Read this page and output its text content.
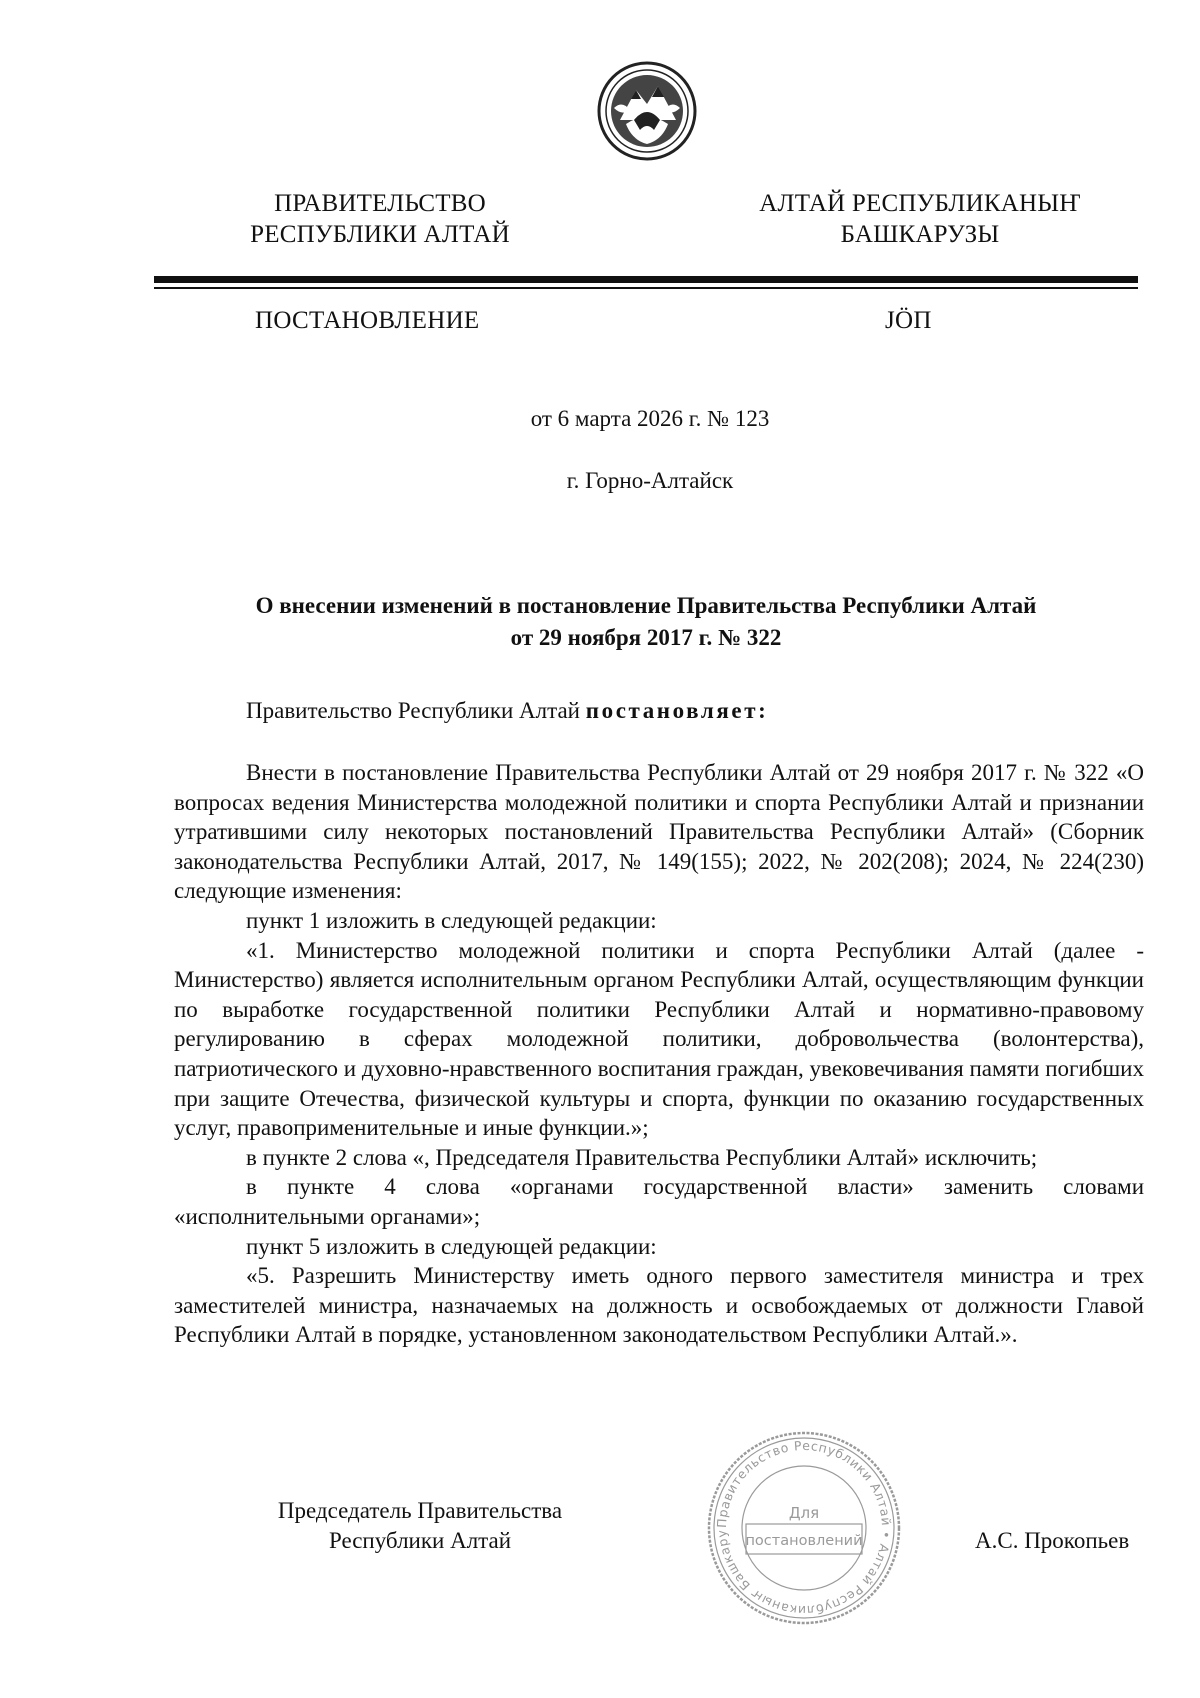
ПРАВИТЕЛЬСТВО
РЕСПУБЛИКИ АЛТАЙ
АЛТАЙ РЕСПУБЛИКАНЫҤ
БАШКАРУЗЫ
ПОСТАНОВЛЕНИЕ	JÖП
от 6 марта 2026 г. № 123
г. Горно-Алтайск
О внесении изменений в постановление Правительства Республики Алтай
от 29 ноября 2017 г. № 322
Правительство Республики Алтай постановляет:

Внести в постановление Правительства Республики Алтай от 29 ноября 2017 г. № 322 «О вопросах ведения Министерства молодежной политики и спорта Республики Алтай и признании утратившими силу некоторых постановлений Правительства Республики Алтай» (Сборник законодательства Республики Алтай, 2017, № 149(155); 2022, № 202(208); 2024, № 224(230) следующие изменения:

пункт 1 изложить в следующей редакции:

«1. Министерство молодежной политики и спорта Республики Алтай (далее - Министерство) является исполнительным органом Республики Алтай, осуществляющим функции по выработке государственной политики Республики Алтай и нормативно-правовому регулированию в сферах молодежной политики, добровольчества (волонтерства), патриотического и духовно-нравственного воспитания граждан, увековечивания памяти погибших при защите Отечества, физической культуры и спорта, функции по оказанию государственных услуг, правоприменительные и иные функции.»;

в пункте 2 слова «, Председателя Правительства Республики Алтай» исключить;

в пункте 4 слова «органами государственной власти» заменить словами «исполнительными органами»;

пункт 5 изложить в следующей редакции:

«5. Разрешить Министерству иметь одного первого заместителя министра и трех заместителей министра, назначаемых на должность и освобождаемых от должности Главой Республики Алтай в порядке, установленном законодательством Республики Алтай.».

Председатель Правительства
Республики Алтай	А.С. Прокопьев
Правительство Республики Алтай • Алтай Республиканыҥ Башкару
Для
постановлений
